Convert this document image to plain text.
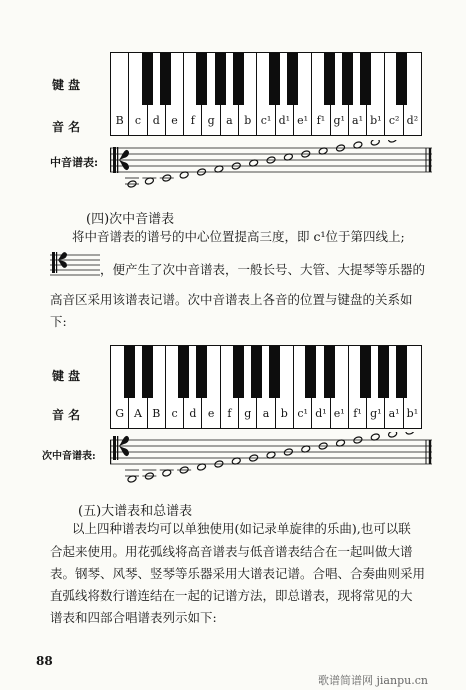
键 盘
音 名
中音谱表:
B	c	d	e	f	g	a	b c¹ d¹ e¹ f¹ g¹ a¹ b¹ c² d²
(四)次中音谱表
将中音谱表的谱号的中心位置提高三度，即 c¹位于第四线上;
，便产生了次中音谱表，一般长号、大管、大提琴等乐器的
高音区采用该谱表记谱。次中音谱表上各音的位置与键盘的关系如
下:
键 盘
音 名
次中音谱表:
G A B	c	d	e	f	g	a	b c¹ d¹ e¹ f¹ g¹ a¹ b¹
(五)大谱表和总谱表
以上四种谱表均可以单独使用(如记录单旋律的乐曲),也可以联
合起来使用。用花弧线将高音谱表与低音谱表结合在一起叫做大谱
表。钢琴、风琴、竖琴等乐器采用大谱表记谱。合唱、合奏曲则采用
直弧线将数行谱连结在一起的记谱方法，即总谱表，现将常见的大
谱表和四部合唱谱表列示如下:
88
歌谱简谱网 jianpu.cn
